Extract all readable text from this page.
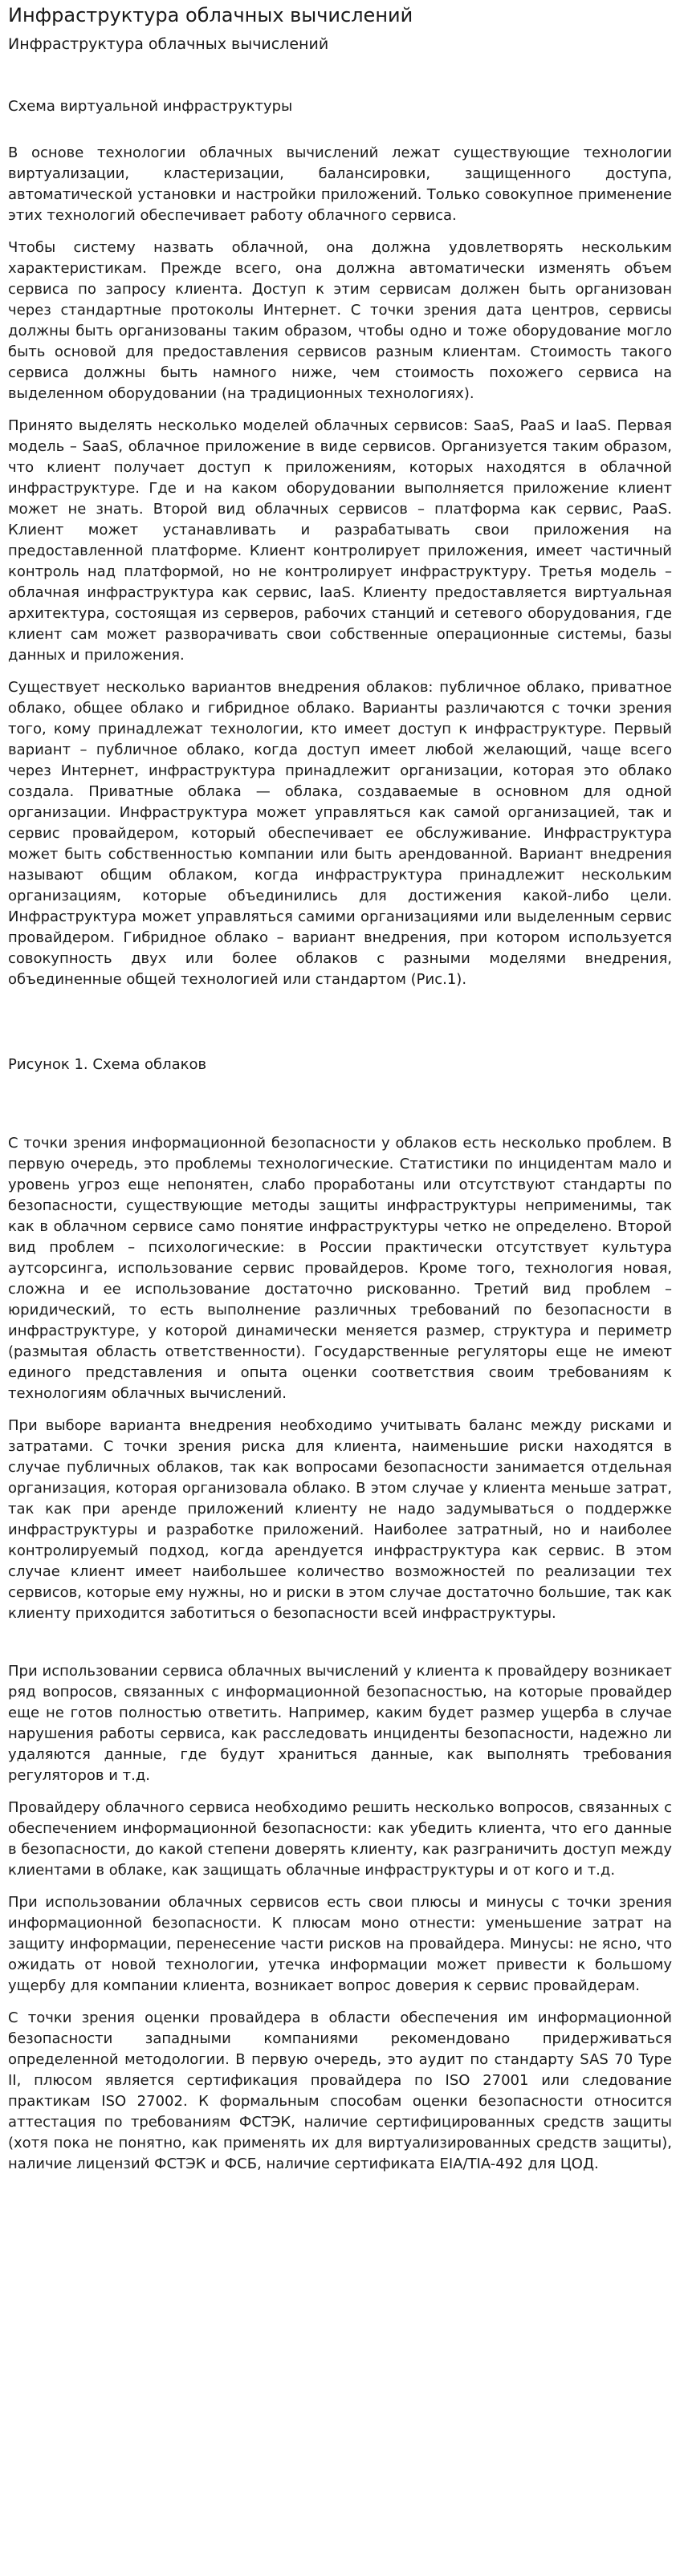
Инфраструктура облачных вычислений
Инфраструктура облачных вычислений
Схема виртуальной инфраструктуры

В основе технологии облачных вычислений лежат существующие технологии виртуализации, кластеризации, балансировки, защищенного доступа, автоматической установки и настройки приложений. Только совокупное применение этих технологий обеспечивает работу облачного сервиса.

Чтобы систему назвать облачной, она должна удовлетворять нескольким характеристикам. Прежде всего, она должна автоматически изменять объем сервиса по запросу клиента. Доступ к этим сервисам должен быть организован через стандартные протоколы Интернет. С точки зрения дата центров, сервисы должны быть организованы таким образом, чтобы одно и тоже оборудование могло быть основой для предоставления сервисов разным клиентам. Стоимость такого сервиса должны быть намного ниже, чем стоимость похожего сервиса на выделенном оборудовании (на традиционных технологиях).

Принято выделять несколько моделей облачных сервисов: SaaS, PaaS и IaaS. Первая модель – SaaS, облачное приложение в виде сервисов. Организуется таким образом, что клиент получает доступ к приложениям, которых находятся в облачной инфраструктуре. Где и на каком оборудовании выполняется приложение клиент может не знать. Второй вид облачных сервисов – платформа как сервис, PaaS. Клиент может устанавливать и разрабатывать свои приложения на предоставленной платформе. Клиент контролирует приложения, имеет частичный контроль над платформой, но не контролирует инфраструктуру. Третья модель – облачная инфраструктура как сервис, IaaS. Клиенту предоставляется виртуальная архитектура, состоящая из серверов, рабочих станций и сетевого оборудования, где клиент сам может разворачивать свои собственные операционные системы, базы данных и приложения.

Существует несколько вариантов внедрения облаков: публичное облако, приватное облако, общее облако и гибридное облако. Варианты различаются с точки зрения того, кому принадлежат технологии, кто имеет доступ к инфраструктуре. Первый вариант – публичное облако, когда доступ имеет любой желающий, чаще всего через Интернет, инфраструктура принадлежит организации, которая это облако создала. Приватные облака — облака, создаваемые в основном для одной организации. Инфраструктура может управляться как самой организацией, так и сервис провайдером, который обеспечивает ее обслуживание. Инфраструктура может быть собственностью компании или быть арендованной. Вариант внедрения называют общим облаком, когда инфраструктура принадлежит нескольким организациям, которые объединились для достижения какой-либо цели. Инфраструктура может управляться самими организациями или выделенным сервис провайдером. Гибридное облако – вариант внедрения, при котором используется совокупность двух или более облаков с разными моделями внедрения, объединенные общей технологией или стандартом (Рис.1).

Рисунок 1. Схема облаков

С точки зрения информационной безопасности у облаков есть несколько проблем. В первую очередь, это проблемы технологические. Статистики по инцидентам мало и уровень угроз еще непонятен, слабо проработаны или отсутствуют стандарты по безопасности, существующие методы защиты инфраструктуры неприменимы, так как в облачном сервисе само понятие инфраструктуры четко не определено. Второй вид проблем – психологические: в России практически отсутствует культура аутсорсинга, использование сервис провайдеров. Кроме того, технология новая, сложна и ее использование достаточно рискованно. Третий вид проблем – юридический, то есть выполнение различных требований по безопасности в инфраструктуре, у которой динамически меняется размер, структура и периметр (размытая область ответственности). Государственные регуляторы еще не имеют единого представления и опыта оценки соответствия своим требованиям к технологиям облачных вычислений.

При выборе варианта внедрения необходимо учитывать баланс между рисками и затратами. С точки зрения риска для клиента, наименьшие риски находятся в случае публичных облаков, так как вопросами безопасности занимается отдельная организация, которая организовала облако. В этом случае у клиента меньше затрат, так как при аренде приложений клиенту не надо задумываться о поддержке инфраструктуры и разработке приложений. Наиболее затратный, но и наиболее контролируемый подход, когда арендуется инфраструктура как сервис. В этом случае клиент имеет наибольшее количество возможностей по реализации тех сервисов, которые ему нужны, но и риски в этом случае достаточно большие, так как клиенту приходится заботиться о безопасности всей инфраструктуры.

При использовании сервиса облачных вычислений у клиента к провайдеру возникает ряд вопросов, связанных с информационной безопасностью, на которые провайдер еще не готов полностью ответить. Например, каким будет размер ущерба в случае нарушения работы сервиса, как расследовать инциденты безопасности, надежно ли удаляются данные, где будут храниться данные, как выполнять требования регуляторов и т.д.

Провайдеру облачного сервиса необходимо решить несколько вопросов, связанных с обеспечением информационной безопасности: как убедить клиента, что его данные в безопасности, до какой степени доверять клиенту, как разграничить доступ между клиентами в облаке, как защищать облачные инфраструктуры и от кого и т.д.

При использовании облачных сервисов есть свои плюсы и минусы с точки зрения информационной безопасности. К плюсам моно отнести: уменьшение затрат на защиту информации, перенесение части рисков на провайдера. Минусы: не ясно, что ожидать от новой технологии, утечка информации может привести к большому ущербу для компании клиента, возникает вопрос доверия к сервис провайдерам.

С точки зрения оценки провайдера в области обеспечения им информационной безопасности западными компаниями рекомендовано придерживаться определенной методологии. В первую очередь, это аудит по стандарту SAS 70 Type II, плюсом является сертификация провайдера по ISO 27001 или следование практикам ISO 27002. К формальным способам оценки безопасности относится аттестация по требованиям ФСТЭК, наличие сертифицированных средств защиты (хотя пока не понятно, как применять их для виртуализированных средств защиты), наличие лицензий ФСТЭК и ФСБ, наличие сертификата EIA/TIA-492 для ЦОД.
